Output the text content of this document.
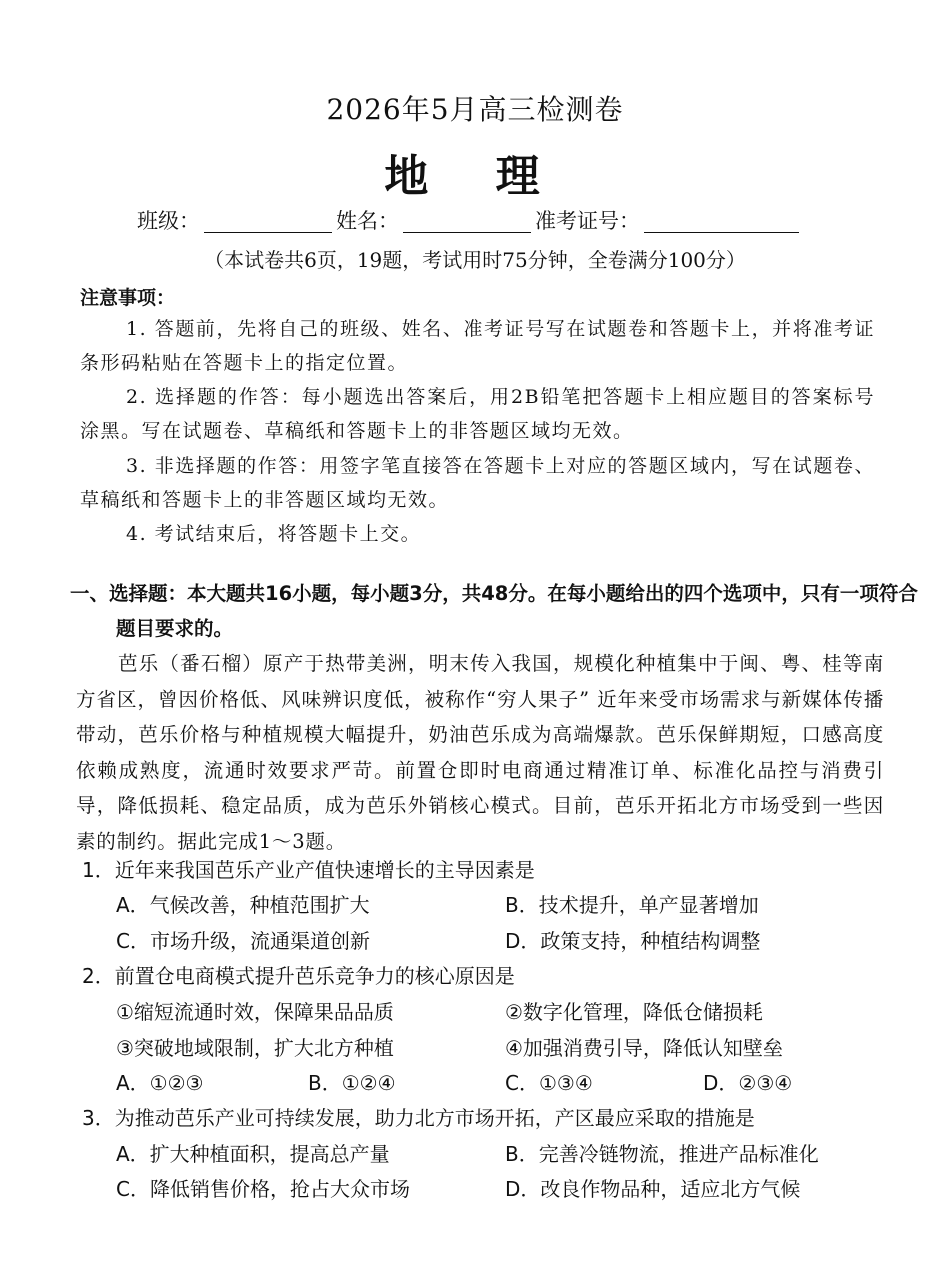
2026年5月高三检测卷
地 理
班级：	姓名：	准考证号：
（本试卷共6页，19题，考试用时75分钟，全卷满分100分）
注意事项：
1. 答题前，先将自己的班级、姓名、准考证号写在试题卷和答题卡上，并将准考证条形码粘贴在答题卡上的指定位置。
2. 选择题的作答：每小题选出答案后，用2B铅笔把答题卡上相应题目的答案标号涂黑。写在试题卷、草稿纸和答题卡上的非答题区域均无效。
3. 非选择题的作答：用签字笔直接答在答题卡上对应的答题区域内，写在试题卷、草稿纸和答题卡上的非答题区域均无效。
4. 考试结束后，将答题卡上交。
一、选择题：本大题共16小题，每小题3分，共48分。在每小题给出的四个选项中，只有一项符合题目要求的。
芭乐（番石榴）原产于热带美洲，明末传入我国，规模化种植集中于闽、粤、桂等南方省区，曾因价格低、风味辨识度低，被称作“穷人果子” 近年来受市场需求与新媒体传播带动，芭乐价格与种植规模大幅提升，奶油芭乐成为高端爆款。芭乐保鲜期短，口感高度依赖成熟度，流通时效要求严苛。前置仓即时电商通过精准订单、标准化品控与消费引导，降低损耗、稳定品质，成为芭乐外销核心模式。目前，芭乐开拓北方市场受到一些因素的制约。据此完成1～3题。
1．近年来我国芭乐产业产值快速增长的主导因素是
A．气候改善，种植范围扩大	B．技术提升，单产显著增加
C．市场升级，流通渠道创新	D．政策支持，种植结构调整
2．前置仓电商模式提升芭乐竞争力的核心原因是
①缩短流通时效，保障果品品质	②数字化管理，降低仓储损耗
③突破地域限制，扩大北方种植	④加强消费引导，降低认知壁垒
A．①②③	B．①②④	C．①③④	D．②③④
3．为推动芭乐产业可持续发展，助力北方市场开拓，产区最应采取的措施是
A．扩大种植面积，提高总产量	B．完善冷链物流，推进产品标准化
C．降低销售价格，抢占大众市场	D．改良作物品种，适应北方气候
